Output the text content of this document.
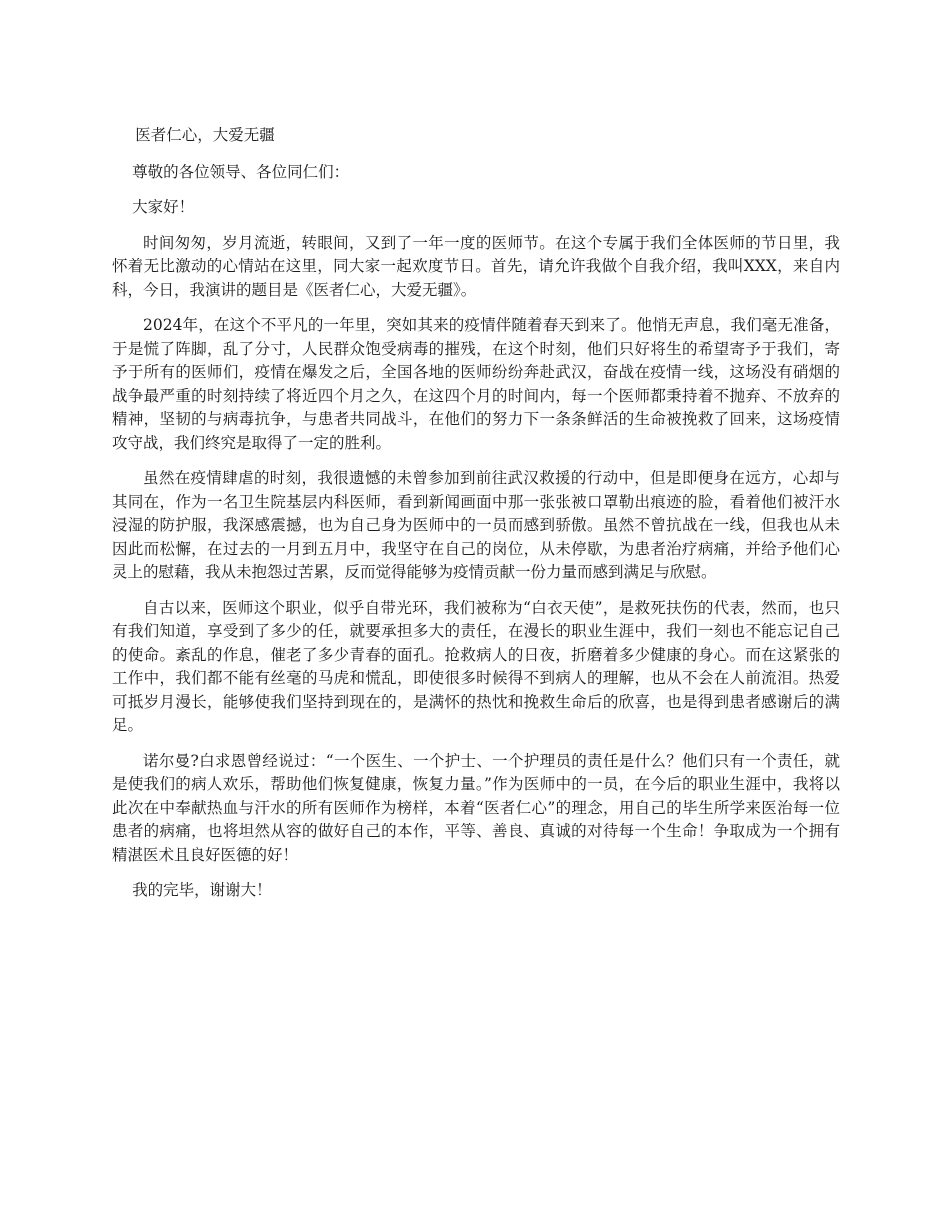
医者仁心，大爱无疆

尊敬的各位领导、各位同仁们：

大家好！

时间匆匆，岁月流逝，转眼间，又到了一年一度的医师节。在这个专属于我们全体医师的节日里，我怀着无比激动的心情站在这里，同大家一起欢度节日。首先，请允许我做个自我介绍，我叫XXX，来自内科，今日，我演讲的题目是《医者仁心，大爱无疆》。

2024年，在这个不平凡的一年里，突如其来的疫情伴随着春天到来了。他悄无声息，我们毫无准备，于是慌了阵脚，乱了分寸，人民群众饱受病毒的摧残，在这个时刻，他们只好将生的希望寄予于我们，寄予于所有的医师们，疫情在爆发之后，全国各地的医师纷纷奔赴武汉，奋战在疫情一线，这场没有硝烟的战争最严重的时刻持续了将近四个月之久，在这四个月的时间内，每一个医师都秉持着不抛弃、不放弃的精神，坚韧的与病毒抗争，与患者共同战斗，在他们的努力下一条条鲜活的生命被挽救了回来，这场疫情攻守战，我们终究是取得了一定的胜利。

虽然在疫情肆虐的时刻，我很遗憾的未曾参加到前往武汉救援的行动中，但是即便身在远方，心却与其同在，作为一名卫生院基层内科医师，看到新闻画面中那一张张被口罩勒出痕迹的脸，看着他们被汗水浸湿的防护服，我深感震撼，也为自己身为医师中的一员而感到骄傲。虽然不曾抗战在一线，但我也从未因此而松懈，在过去的一月到五月中，我坚守在自己的岗位，从未停歇，为患者治疗病痛，并给予他们心灵上的慰藉，我从未抱怨过苦累，反而觉得能够为疫情贡献一份力量而感到满足与欣慰。

自古以来，医师这个职业，似乎自带光环，我们被称为“白衣天使”，是救死扶伤的代表，然而，也只有我们知道，享受到了多少的任，就要承担多大的责任，在漫长的职业生涯中，我们一刻也不能忘记自己的使命。紊乱的作息，催老了多少青春的面孔。抢救病人的日夜，折磨着多少健康的身心。而在这紧张的工作中，我们都不能有丝毫的马虎和慌乱，即使很多时候得不到病人的理解，也从不会在人前流泪。热爱可抵岁月漫长，能够使我们坚持到现在的，是满怀的热忱和挽救生命后的欣喜，也是得到患者感谢后的满足。

诺尔曼?白求恩曾经说过：“一个医生、一个护士、一个护理员的责任是什么？他们只有一个责任，就是使我们的病人欢乐，帮助他们恢复健康，恢复力量。”作为医师中的一员，在今后的职业生涯中，我将以此次在中奉献热血与汗水的所有医师作为榜样，本着“医者仁心”的理念，用自己的毕生所学来医治每一位患者的病痛，也将坦然从容的做好自己的本作，平等、善良、真诚的对待每一个生命！争取成为一个拥有精湛医术且良好医德的好！

我的完毕，谢谢大！
